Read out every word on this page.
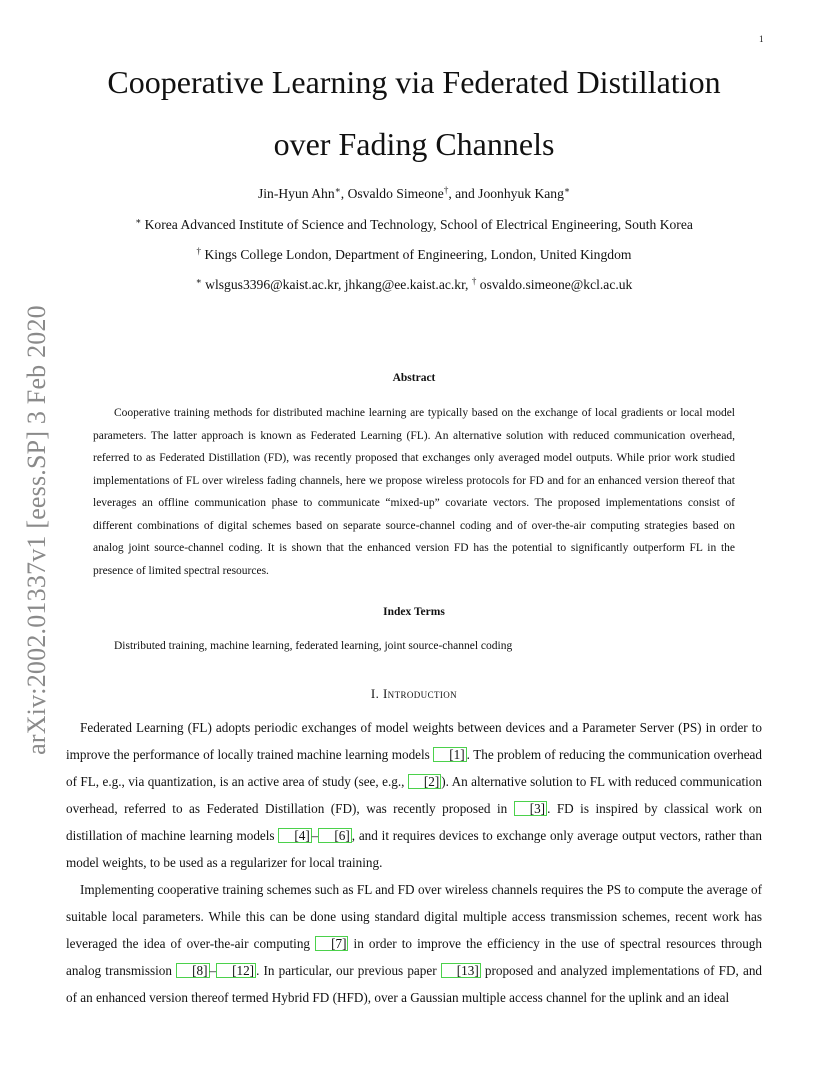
1
arXiv:2002.01337v1 [eess.SP] 3 Feb 2020
Cooperative Learning via Federated Distillation
over Fading Channels
Jin-Hyun Ahn∗, Osvaldo Simeone†, and Joonhyuk Kang∗
∗ Korea Advanced Institute of Science and Technology, School of Electrical Engineering, South Korea
† Kings College London, Department of Engineering, London, United Kingdom
∗ wlsgus3396@kaist.ac.kr, jhkang@ee.kaist.ac.kr, † osvaldo.simeone@kcl.ac.uk
Abstract

Cooperative training methods for distributed machine learning are typically based on the exchange of local gradients or local model parameters. The latter approach is known as Federated Learning (FL). An alternative solution with reduced communication overhead, referred to as Federated Distillation (FD), was recently proposed that exchanges only averaged model outputs. While prior work studied implementations of FL over wireless fading channels, here we propose wireless protocols for FD and for an enhanced version thereof that leverages an offline communication phase to communicate “mixed-up” covariate vectors. The proposed implementations consist of different combinations of digital schemes based on separate source-channel coding and of over-the-air computing strategies based on analog joint source-channel coding. It is shown that the enhanced version FD has the potential to significantly outperform FL in the presence of limited spectral resources.

Index Terms
Distributed training, machine learning, federated learning, joint source-channel coding
I. Introduction

Federated Learning (FL) adopts periodic exchanges of model weights between devices and a Parameter Server (PS) in order to improve the performance of locally trained machine learning models [1] . The problem of reducing the communication overhead of FL, e.g., via quantization, is an active area of study (see, e.g., [2] ). An alternative solution to FL with reduced communication overhead, referred to as Federated Distillation (FD), was recently proposed in [3] . FD is inspired by classical work on distillation of machine learning models [4] – [6] , and it requires devices to exchange only average output vectors, rather than model weights, to be used as a regularizer for local training.

Implementing cooperative training schemes such as FL and FD over wireless channels requires the PS to compute the average of suitable local parameters. While this can be done using standard digital multiple access transmission schemes, recent work has leveraged the idea of over-the-air computing [7] in order to improve the efficiency in the use of spectral resources through analog transmission [8] – [12] . In particular, our previous paper [13] proposed and analyzed implementations of FD, and of an enhanced version thereof termed Hybrid FD (HFD), over a Gaussian multiple access channel for the uplink and an ideal
